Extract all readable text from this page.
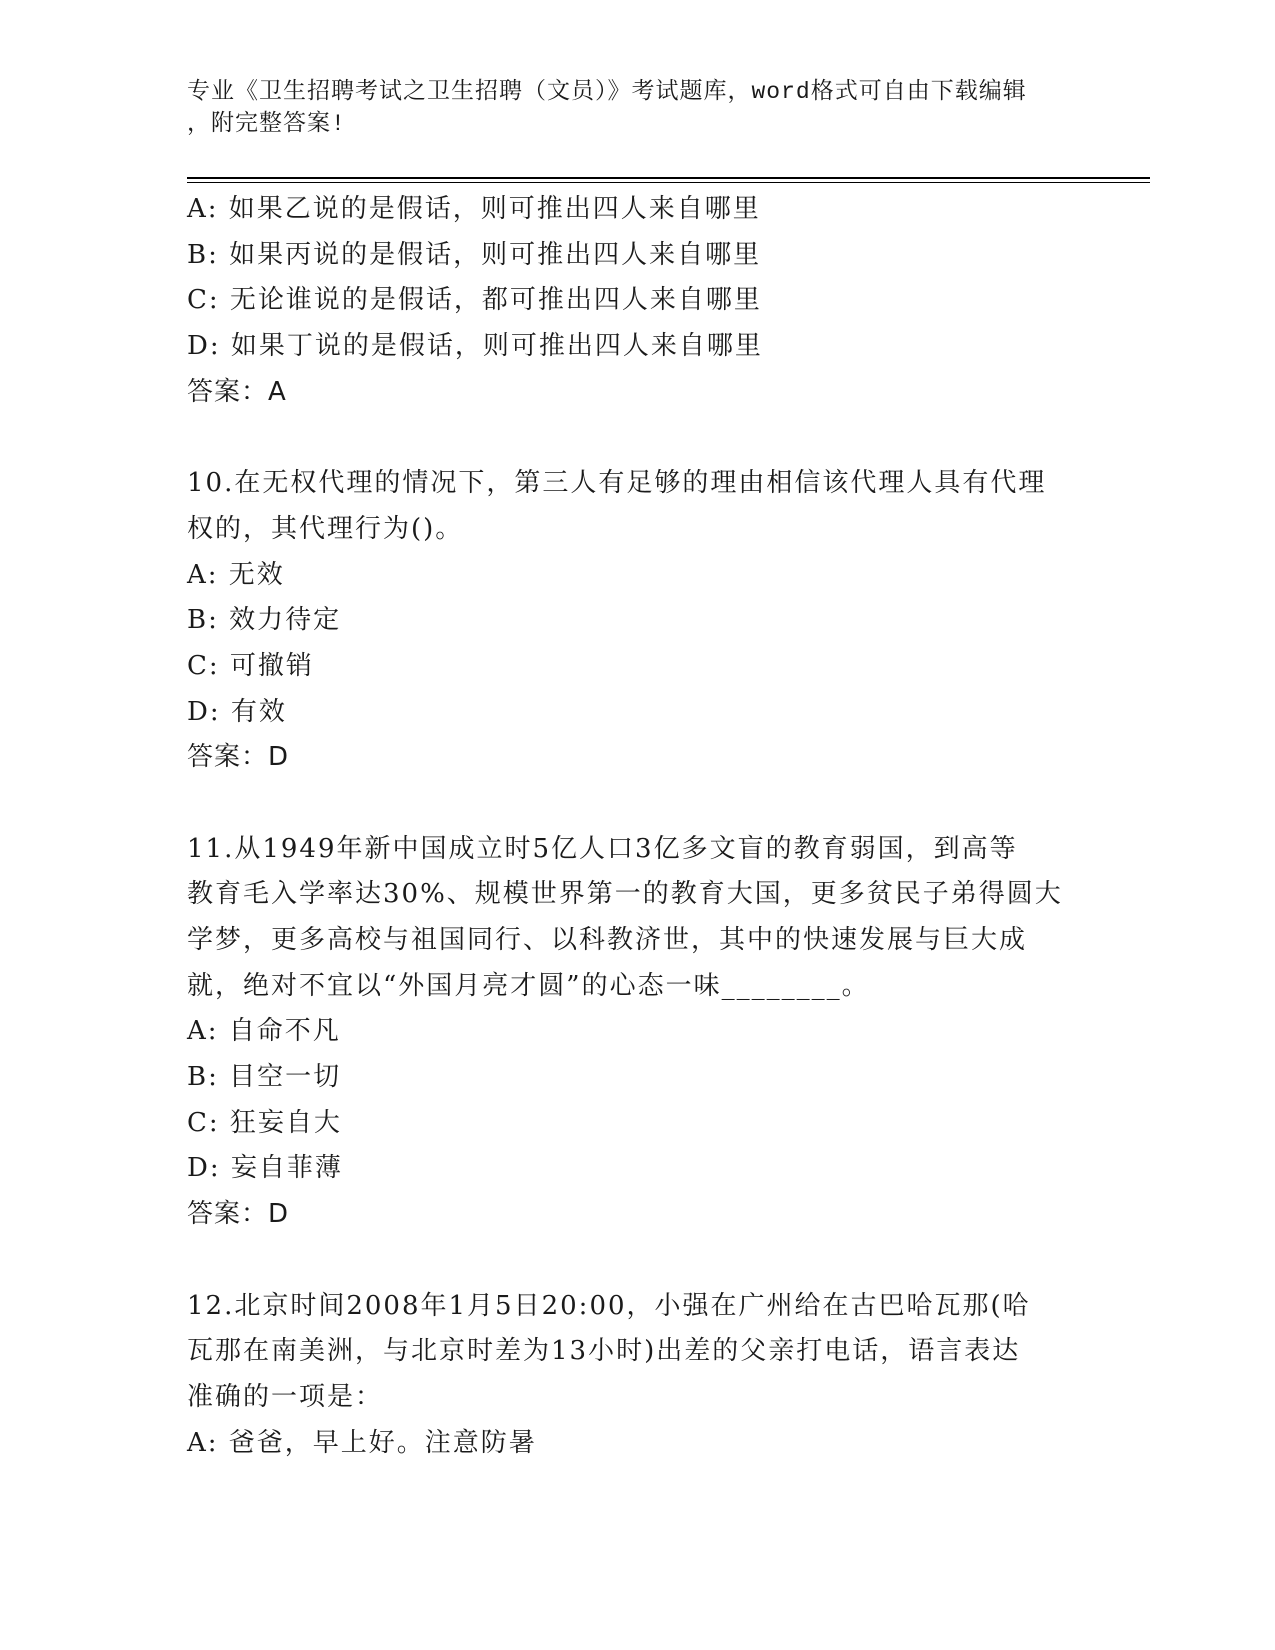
专业《卫生招聘考试之卫生招聘（文员）》考试题库，word格式可自由下载编辑
，附完整答案!
A: 如果乙说的是假话，则可推出四人来自哪里
B: 如果丙说的是假话，则可推出四人来自哪里
C: 无论谁说的是假话，都可推出四人来自哪里
D: 如果丁说的是假话，则可推出四人来自哪里
答案：A
10.在无权代理的情况下，第三人有足够的理由相信该代理人具有代理
权的，其代理行为()。
A: 无效
B: 效力待定
C: 可撤销
D: 有效
答案：D
11.从1949年新中国成立时5亿人口3亿多文盲的教育弱国，到高等
教育毛入学率达30%、规模世界第一的教育大国，更多贫民子弟得圆大
学梦，更多高校与祖国同行、以科教济世，其中的快速发展与巨大成
就，绝对不宜以“外国月亮才圆”的心态一味________。
A: 自命不凡
B: 目空一切
C: 狂妄自大
D: 妄自菲薄
答案：D
12.北京时间2008年1月5日20:00，小强在广州给在古巴哈瓦那(哈
瓦那在南美洲，与北京时差为13小时)出差的父亲打电话，语言表达
准确的一项是：
A: 爸爸，早上好。注意防暑
